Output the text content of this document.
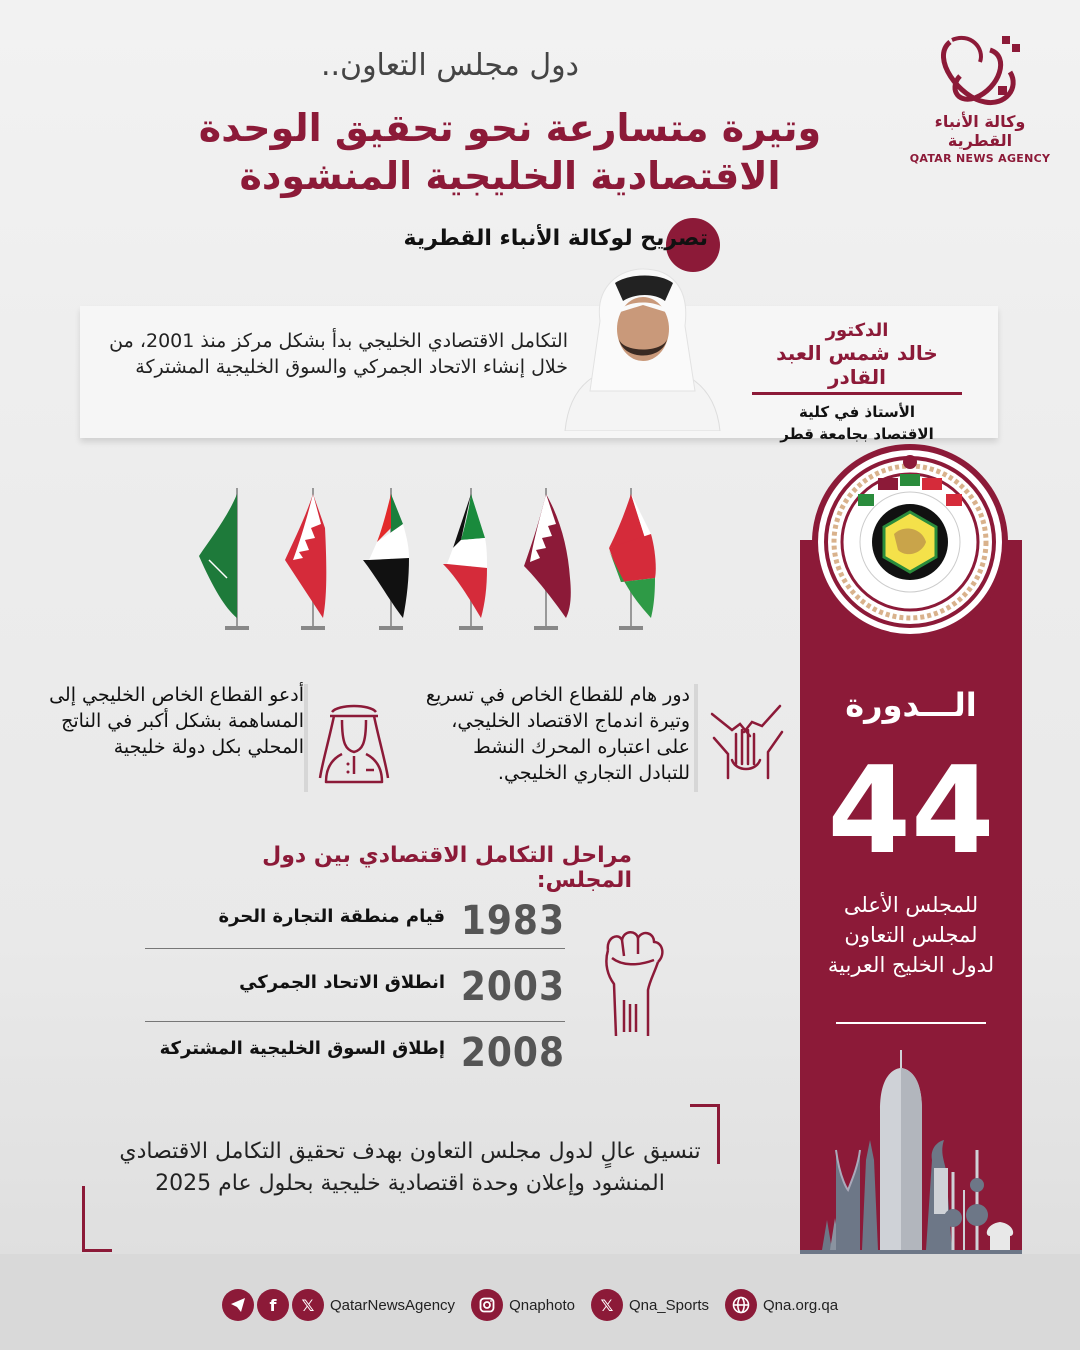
دول مجلس التعاون..
وتيرة متسارعة نحو تحقيق الوحدة
الاقتصادية الخليجية المنشودة
وكالة الأنباء القطرية
QATAR NEWS AGENCY
تصريح لوكالة الأنباء القطرية
التكامل الاقتصادي الخليجي بدأ بشكل مركز منذ 2001، من خلال إنشاء الاتحاد الجمركي والسوق الخليجية المشتركة
الدكتور
خالد شمس العبد القادر
الأستاذ في كلية
الاقتصاد بجامعة قطر
الـــدورة
44
للمجلس الأعلى
لمجلس التعاون
لدول الخليج العربية
دور هام للقطاع الخاص في تسريع وتيرة اندماج الاقتصاد الخليجي، على اعتباره المحرك النشط للتبادل التجاري الخليجي.
أدعو القطاع الخاص الخليجي إلى المساهمة بشكل أكبر في الناتج المحلي بكل دولة خليجية
مراحل التكامل الاقتصادي بين دول المجلس:
1983
قيام منطقة التجارة الحرة
2003
انطلاق الاتحاد الجمركي
2008
إطلاق السوق الخليجية المشتركة
تنسيق عالٍ لدول مجلس التعاون بهدف تحقيق التكامل الاقتصادي المنشود وإعلان وحدة اقتصادية خليجية بحلول عام 2025
f	𝕏	QatarNewsAgency	Qnaphoto	𝕏	Qna_Sports	Qna.org.qa
